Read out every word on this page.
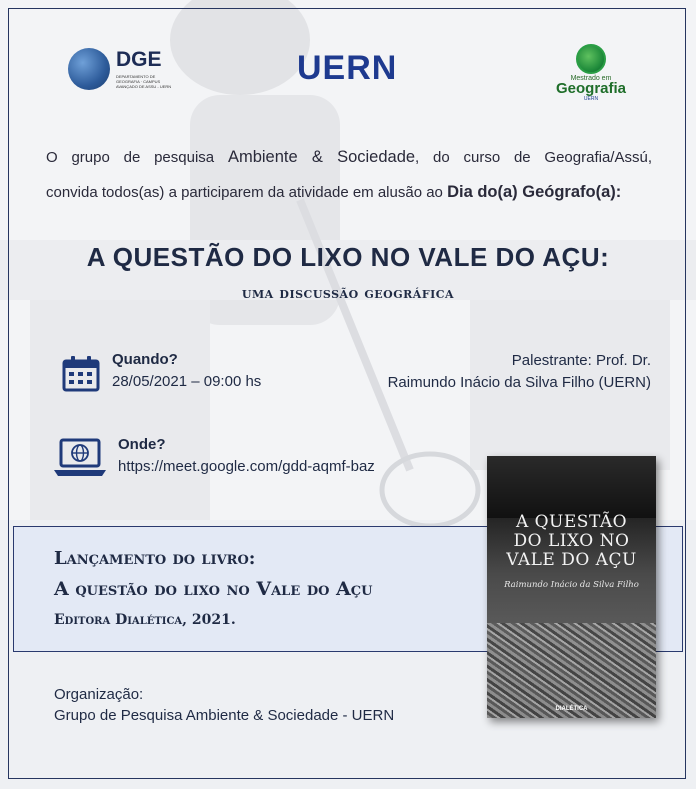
DGE
DEPARTAMENTO DE GEOGRAFIA · CAMPUS AVANÇADO DE ASSU - UERN	UERN	Mestrado em
Geografia
UERN
O grupo de pesquisa Ambiente & Sociedade, do curso de Geografia/Assú,
convida todos(as) a participarem da atividade em alusão ao Dia do(a) Geógrafo(a):
A QUESTÃO DO LIXO NO VALE DO AÇU:
uma discussão geográfica
Quando?
28/05/2021 – 09:00 hs
Palestrante: Prof. Dr.
Raimundo Inácio da Silva Filho (UERN)
Onde?
https://meet.google.com/gdd-aqmf-baz
Lançamento do livro:
A questão do lixo no Vale do Açu
Editora Dialética, 2021.
A QUESTÃO
DO LIXO NO
VALE DO AÇU
Raimundo Inácio da Silva Filho
DIALÉTICA
Organização:
Grupo de Pesquisa Ambiente & Sociedade - UERN
